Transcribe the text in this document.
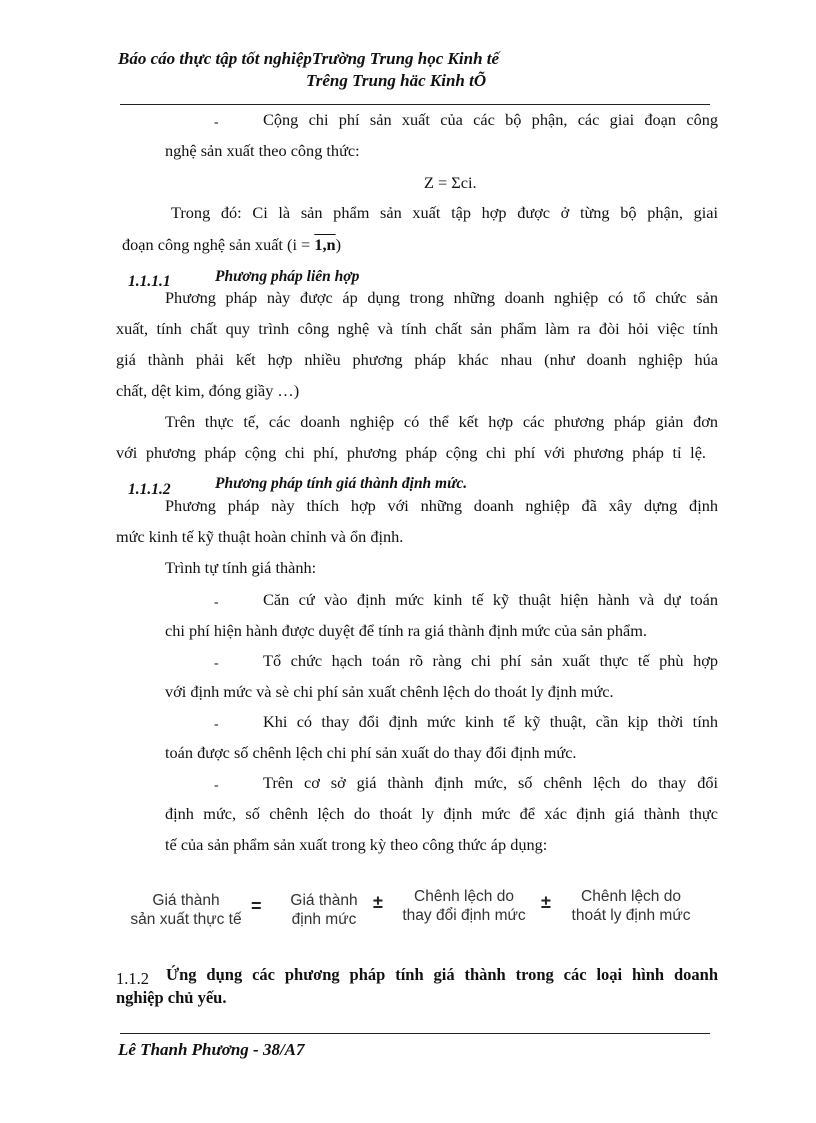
Báo cáo thực tập tốt nghiệpTrường Trung học Kinh tế
Trêng Trung häc Kinh tÕ
-	Cộng chi phí sản xuất của các bộ phận, các giai đoạn công
nghệ sản xuất theo công thức:
Z = Σci.
Trong đó: Ci là sản phẩm sản xuất tập hợp được ở từng bộ phận, giai
đoạn công nghệ sản xuất (i = 1,n)
1.1.1.1	Phương pháp liên hợp
Phương pháp này được áp dụng trong những doanh nghiệp có tổ chức sản
xuất, tính chất quy trình công nghệ và tính chất sản phẩm làm ra đòi hỏi việc tính
giá thành phải kết hợp nhiều phương pháp khác nhau (như doanh nghiệp húa
chất, dệt kim, đóng giầy …)
Trên thực tế, các doanh nghiệp có thể kết hợp các phương pháp giản đơn
với phương pháp cộng chi phí, phương pháp cộng chi phí với phương pháp tỉ lệ.
1.1.1.2	Phương pháp tính giá thành định mức.
Phương pháp này thích hợp với những doanh nghiệp đã xây dựng định
mức kinh tế kỹ thuật hoàn chỉnh và ổn định.
Trình tự tính giá thành:
-	Căn cứ vào định mức kinh tế kỹ thuật hiện hành và dự toán
chi phí hiện hành được duyệt để tính ra giá thành định mức của sản phẩm.
-	Tổ chức hạch toán rõ ràng chi phí sản xuất thực tế phù hợp
với định mức và sè chi phí sản xuất chênh lệch do thoát ly định mức.
-	Khi có thay đổi định mức kinh tế kỹ thuật, cần kịp thời tính
toán được số chênh lệch chi phí sản xuất do thay đổi định mức.
-	Trên cơ sở giá thành định mức, số chênh lệch do thay đổi
định mức, số chênh lệch do thoát ly định mức để xác định giá thành thực
tế của sản phẩm sản xuất trong kỳ theo công thức áp dụng:
Giá thành
sản xuất thực tế
=	Giá thành
định mức
±	Chênh lệch do
thay đổi định mức
±	Chênh lệch do
thoát ly định mức
1.1.2 Ứng dụng các phương pháp tính giá thành trong các loại hình doanh
nghiệp chủ yếu.
Lê Thanh Phương - 38/A7
